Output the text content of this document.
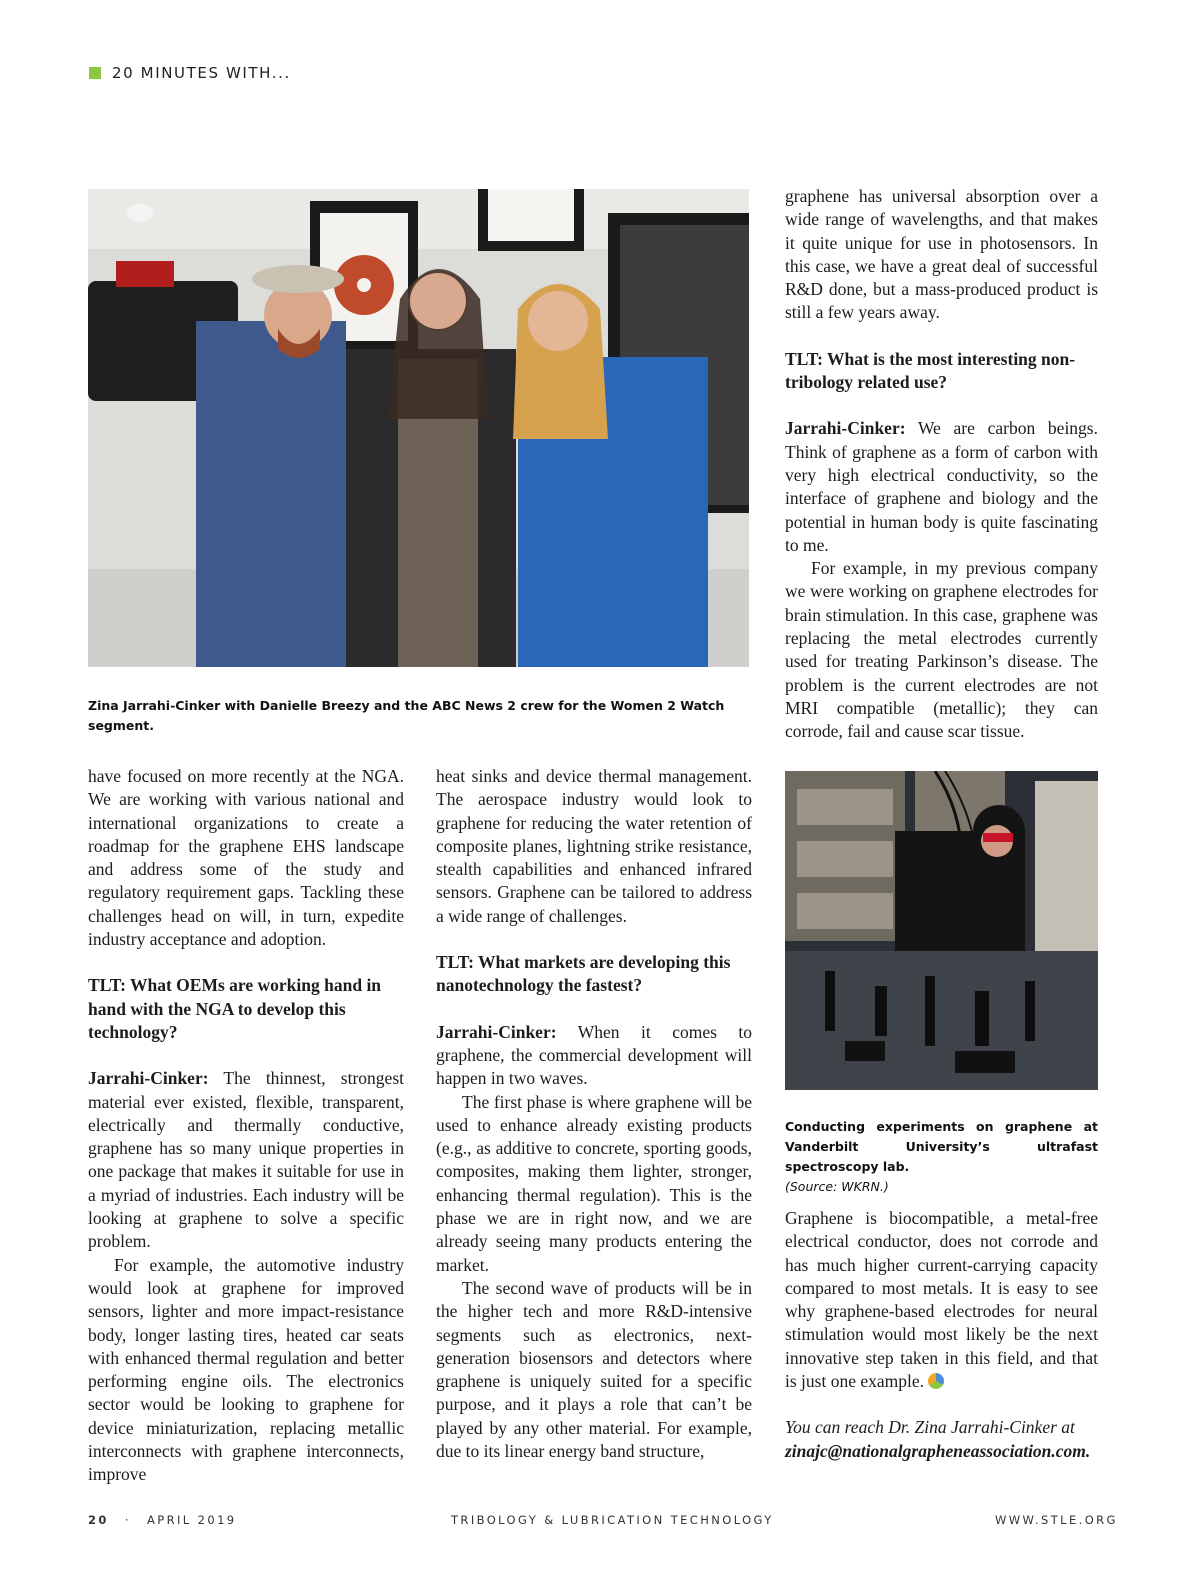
20 MINUTES WITH...

Zina Jarrahi-Cinker with Danielle Breezy and the ABC News 2 crew for the Women 2 Watch segment.

Conducting experiments on graphene at Vanderbilt University’s ultrafast spectroscopy lab.
(Source: WKRN.)

have focused on more recently at the NGA. We are working with various national and international organizations to create a roadmap for the graphene EHS landscape and address some of the study and regulatory requirement gaps. Tackling these challenges head on will, in turn, expedite industry acceptance and adoption.

TLT: What OEMs are working hand in hand with the NGA to develop this technology?

Jarrahi-Cinker: The thinnest, strongest material ever existed, flexible, transparent, electrically and thermally conductive, graphene has so many unique properties in one package that makes it suitable for use in a myriad of industries. Each industry will be looking at graphene to solve a specific problem.

For example, the automotive industry would look at graphene for improved sensors, lighter and more impact-resistance body, longer lasting tires, heated car seats with enhanced thermal regulation and better performing engine oils. The electronics sector would be looking to graphene for device miniaturization, replacing metallic interconnects with graphene interconnects, improve

heat sinks and device thermal management. The aerospace industry would look to graphene for reducing the water retention of composite planes, lightning strike resistance, stealth capabilities and enhanced infrared sensors. Graphene can be tailored to address a wide range of challenges.

TLT: What markets are developing this nanotechnology the fastest?

Jarrahi-Cinker: When it comes to graphene, the commercial development will happen in two waves.

The first phase is where graphene will be used to enhance already existing products (e.g., as additive to concrete, sporting goods, composites, making them lighter, stronger, enhancing thermal regulation). This is the phase we are in right now, and we are already seeing many products entering the market.

The second wave of products will be in the higher tech and more R&D-intensive segments such as electronics, next-generation biosensors and detectors where graphene is uniquely suited for a specific purpose, and it plays a role that can’t be played by any other material. For example, due to its linear energy band structure,

graphene has universal absorption over a wide range of wavelengths, and that makes it quite unique for use in photosensors. In this case, we have a great deal of successful R&D done, but a mass-produced product is still a few years away.

TLT: What is the most interesting non-tribology related use?

Jarrahi-Cinker: We are carbon beings. Think of graphene as a form of carbon with very high electrical conductivity, so the interface of graphene and biology and the potential in human body is quite fascinating to me.

For example, in my previous company we were working on graphene electrodes for brain stimulation. In this case, graphene was replacing the metal electrodes currently used for treating Parkinson’s disease. The problem is the current electrodes are not MRI compatible (metallic); they can corrode, fail and cause scar tissue.

Graphene is biocompatible, a metal-free electrical conductor, does not corrode and has much higher current-carrying capacity compared to most metals. It is easy to see why graphene-based electrodes for neural stimulation would most likely be the next innovative step taken in this field, and that is just one example.

You can reach Dr. Zina Jarrahi-Cinker at
zinajc@nationalgrapheneassociation.com.

20 · APRIL 2019	TRIBOLOGY & LUBRICATION TECHNOLOGY	WWW.STLE.ORG
